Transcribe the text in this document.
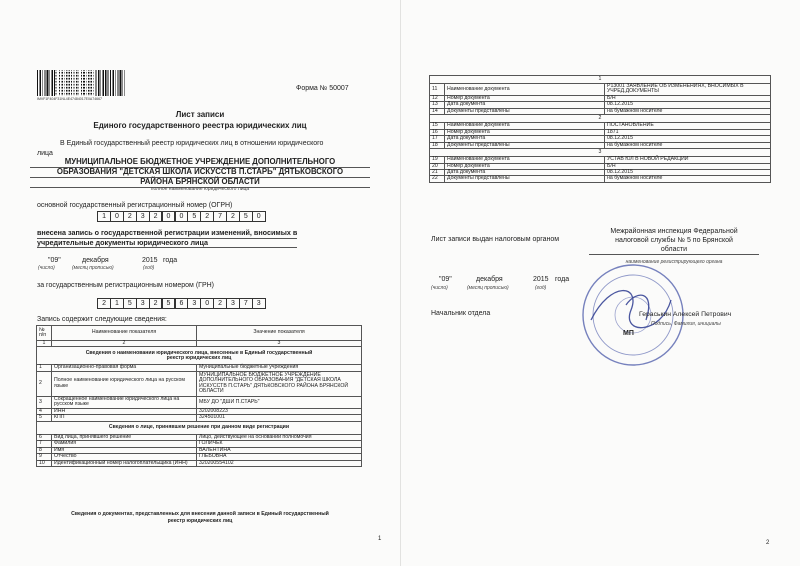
IMVF1F404F31NL4E47484017E0A74667
Форма № 50007
Лист записи
Единого государственного реестра юридических лиц
В Единый государственный реестр юридических лиц в отношении юридического
лица
МУНИЦИПАЛЬНОЕ БЮДЖЕТНОЕ УЧРЕЖДЕНИЕ ДОПОЛНИТЕЛЬНОГО
ОБРАЗОВАНИЯ "ДЕТСКАЯ ШКОЛА ИСКУССТВ П.СТАРЬ" ДЯТЬКОВСКОГО
РАЙОНА БРЯНСКОЙ ОБЛАСТИ
полное наименование юридического лица
основной государственный регистрационный номер (ОГРН)
1	0	2	3	2	0	0	5	2	7	2	5	0
внесена запись о государственной регистрации изменений, вносимых в
учредительные документы юридического лица
"09"	декабря	2015 года
(число)	(месяц прописью)	(год)
за государственным регистрационным номером (ГРН)
2	1	5	3	2	5	6	3	0	2	3	7	3
Запись содержит следующие сведения:
№ п/п	Наименование показателя	Значение показателя
1	2	3
Сведения о наименовании юридического лица, внесенные в Единый государственный реестр юридических лиц		
1	Организационно-правовая форма	Муниципальные бюджетные учреждения
2	Полное наименование юридического лица на русском языке	МУНИЦИПАЛЬНОЕ БЮДЖЕТНОЕ УЧРЕЖДЕНИЕ ДОПОЛНИТЕЛЬНОГО ОБРАЗОВАНИЯ "ДЕТСКАЯ ШКОЛА ИСКУССТВ П.СТАРЬ" ДЯТЬКОВСКОГО РАЙОНА БРЯНСКОЙ ОБЛАСТИ
3	Сокращенное наименование юридического лица на русском языке	МБУ ДО "ДШИ П.СТАРЬ"
4	ИНН	3202008223
5	КПП	324501001
Сведения о лице, принявшем решение при данном виде регистрации		
6	Вид лица, принявшего решение	Лицо, действующее на основании полномочия
7	Фамилия	ГОЛИЧЕК
8	Имя	ВАЛЕНТИНА
9	Отчество	ГЛЕБОВНА
10	Идентификационный номер налогоплательщика (ИНН)	320200554102
Сведения о документах, представленных для внесения данной записи в Единый государственный
реестр юридических лиц
1
1		
11	Наименование документа	Р13001 ЗАЯВЛЕНИЕ ОБ ИЗМЕНЕНИЯХ, ВНОСИМЫХ В УЧРЕД.ДОКУМЕНТЫ
12	Номер документа	Б/Н
13	Дата документа	08.12.2015
14	Документы представлены	на бумажном носителе
2		
15	Наименование документа	ПОСТАНОВЛЕНИЕ
16	Номер документа	1871
17	Дата документа	08.12.2015
18	Документы представлены	на бумажном носителе
3		
19	Наименование документа	УСТАВ ЮЛ В НОВОЙ РЕДАКЦИИ
20	Номер документа	Б/Н
21	Дата документа	08.12.2015
22	Документы представлены	на бумажном носителе
Лист записи выдан налоговым органом
Межрайонная инспекция Федеральной
налоговой службы № 5 по Брянской
области
наименование регистрирующего органа
"09"	декабря	2015 года
(число)	(месяц прописью)	(год)
Начальник отдела
МП
Гераськин Алексей Петрович
Подпись, Фамилия, инициалы
2
